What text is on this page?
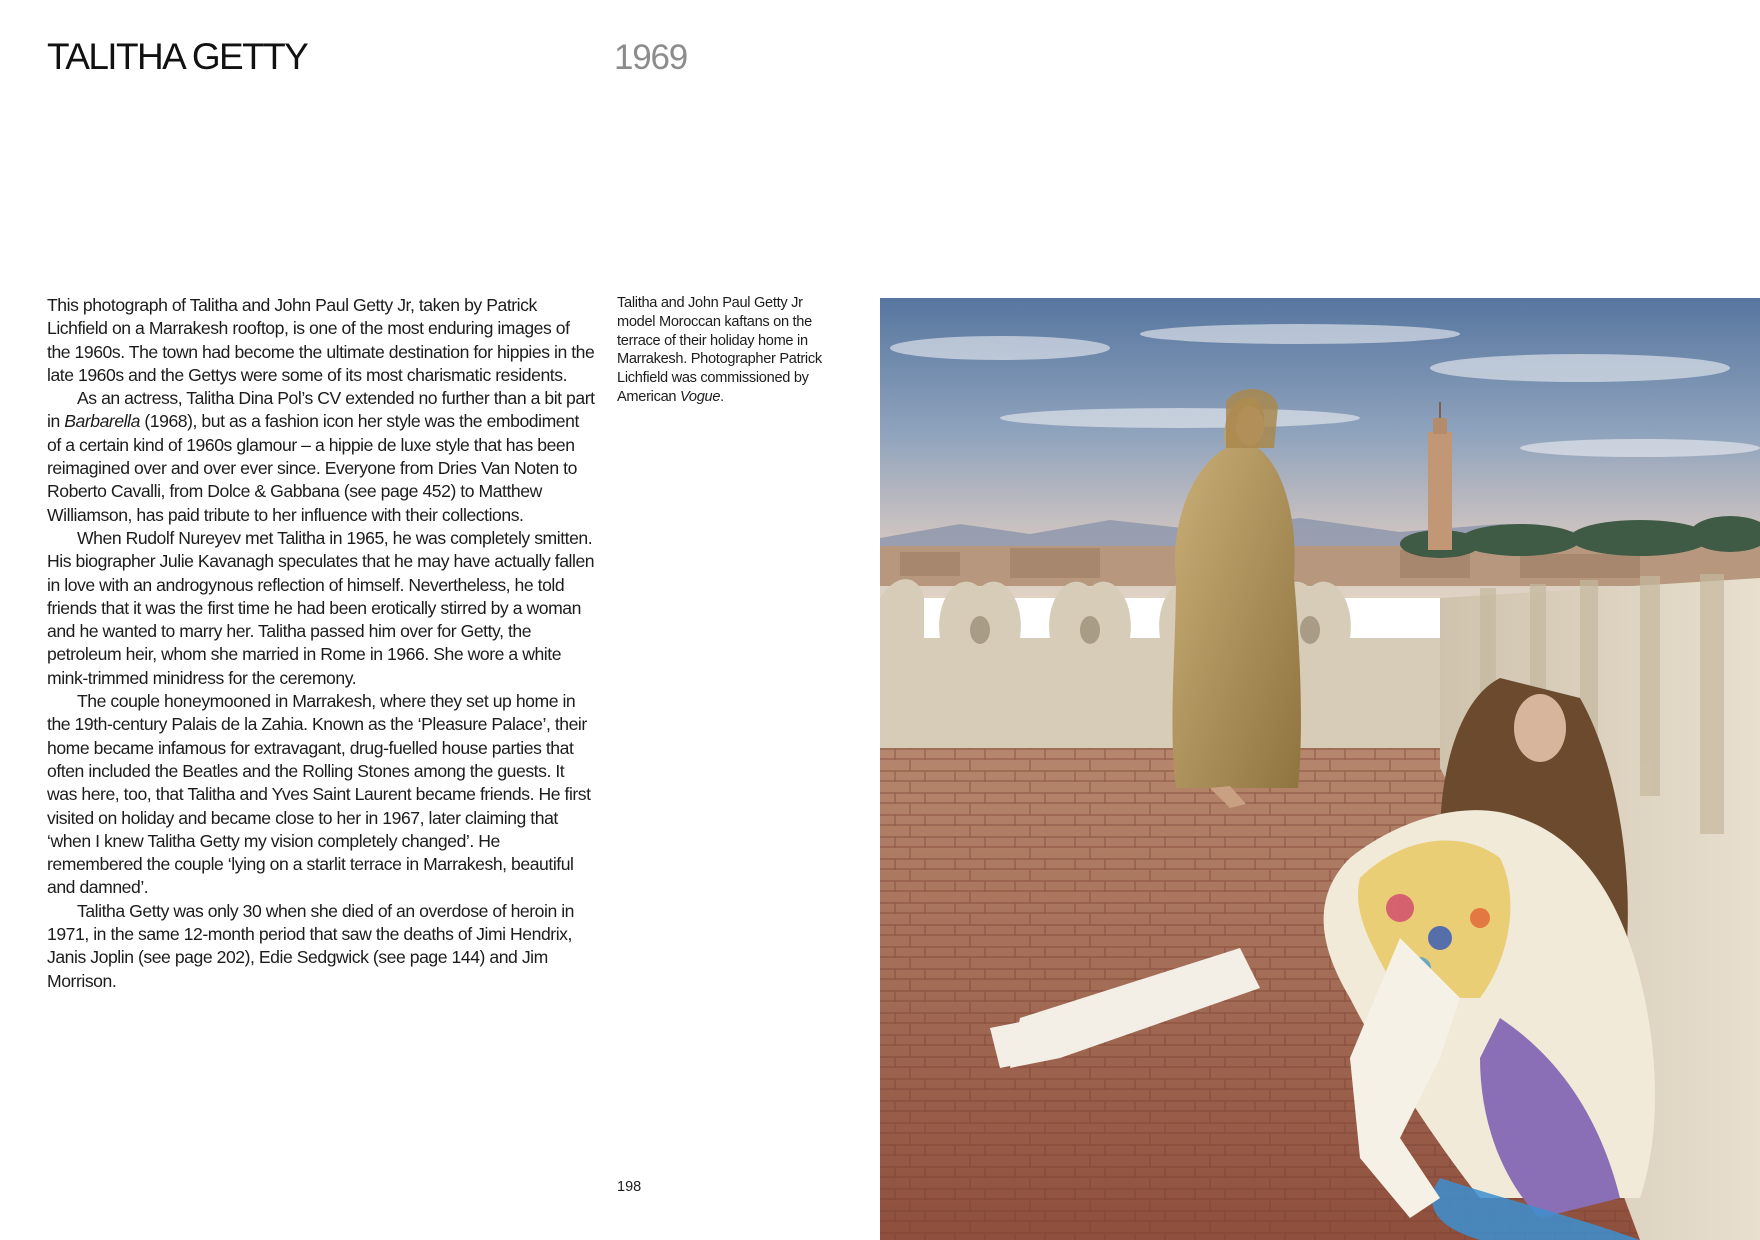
TALITHA GETTY	1969

This photograph of Talitha and John Paul Getty Jr, taken by Patrick Lichfield on a Marrakesh rooftop, is one of the most enduring images of the 1960s. The town had become the ultimate destination for hippies in the late 1960s and the Gettys were some of its most charismatic residents.

As an actress, Talitha Dina Pol’s CV extended no further than a bit part in Barbarella (1968), but as a fashion icon her style was the embodiment of a certain kind of 1960s glamour – a hippie de luxe style that has been reimagined over and over ever since. Everyone from Dries Van Noten to Roberto Cavalli, from Dolce & Gabbana (see page 452) to Matthew Williamson, has paid tribute to her influence with their collections.

When Rudolf Nureyev met Talitha in 1965, he was completely smitten. His biographer Julie Kavanagh speculates that he may have actually fallen in love with an androgynous reflection of himself. Nevertheless, he told friends that it was the first time he had been erotically stirred by a woman and he wanted to marry her. Talitha passed him over for Getty, the petroleum heir, whom she married in Rome in 1966. She wore a white mink-trimmed minidress for the ceremony.

The couple honeymooned in Marrakesh, where they set up home in the 19th-century Palais de la Zahia. Known as the ‘Pleasure Palace’, their home became infamous for extravagant, drug-fuelled house parties that often included the Beatles and the Rolling Stones among the guests. It was here, too, that Talitha and Yves Saint Laurent became friends. He first visited on holiday and became close to her in 1967, later claiming that ‘when I knew Talitha Getty my vision completely changed’. He remembered the couple ‘lying on a starlit terrace in Marrakesh, beautiful and damned’.

Talitha Getty was only 30 when she died of an overdose of heroin in 1971, in the same 12-month period that saw the deaths of Jimi Hendrix, Janis Joplin (see page 202), Edie Sedgwick (see page 144) and Jim Morrison.

Talitha and John Paul Getty Jr model Moroccan kaftans on the terrace of their holiday home in Marrakesh. Photographer Patrick Lichfield was commissioned by American Vogue.
198
